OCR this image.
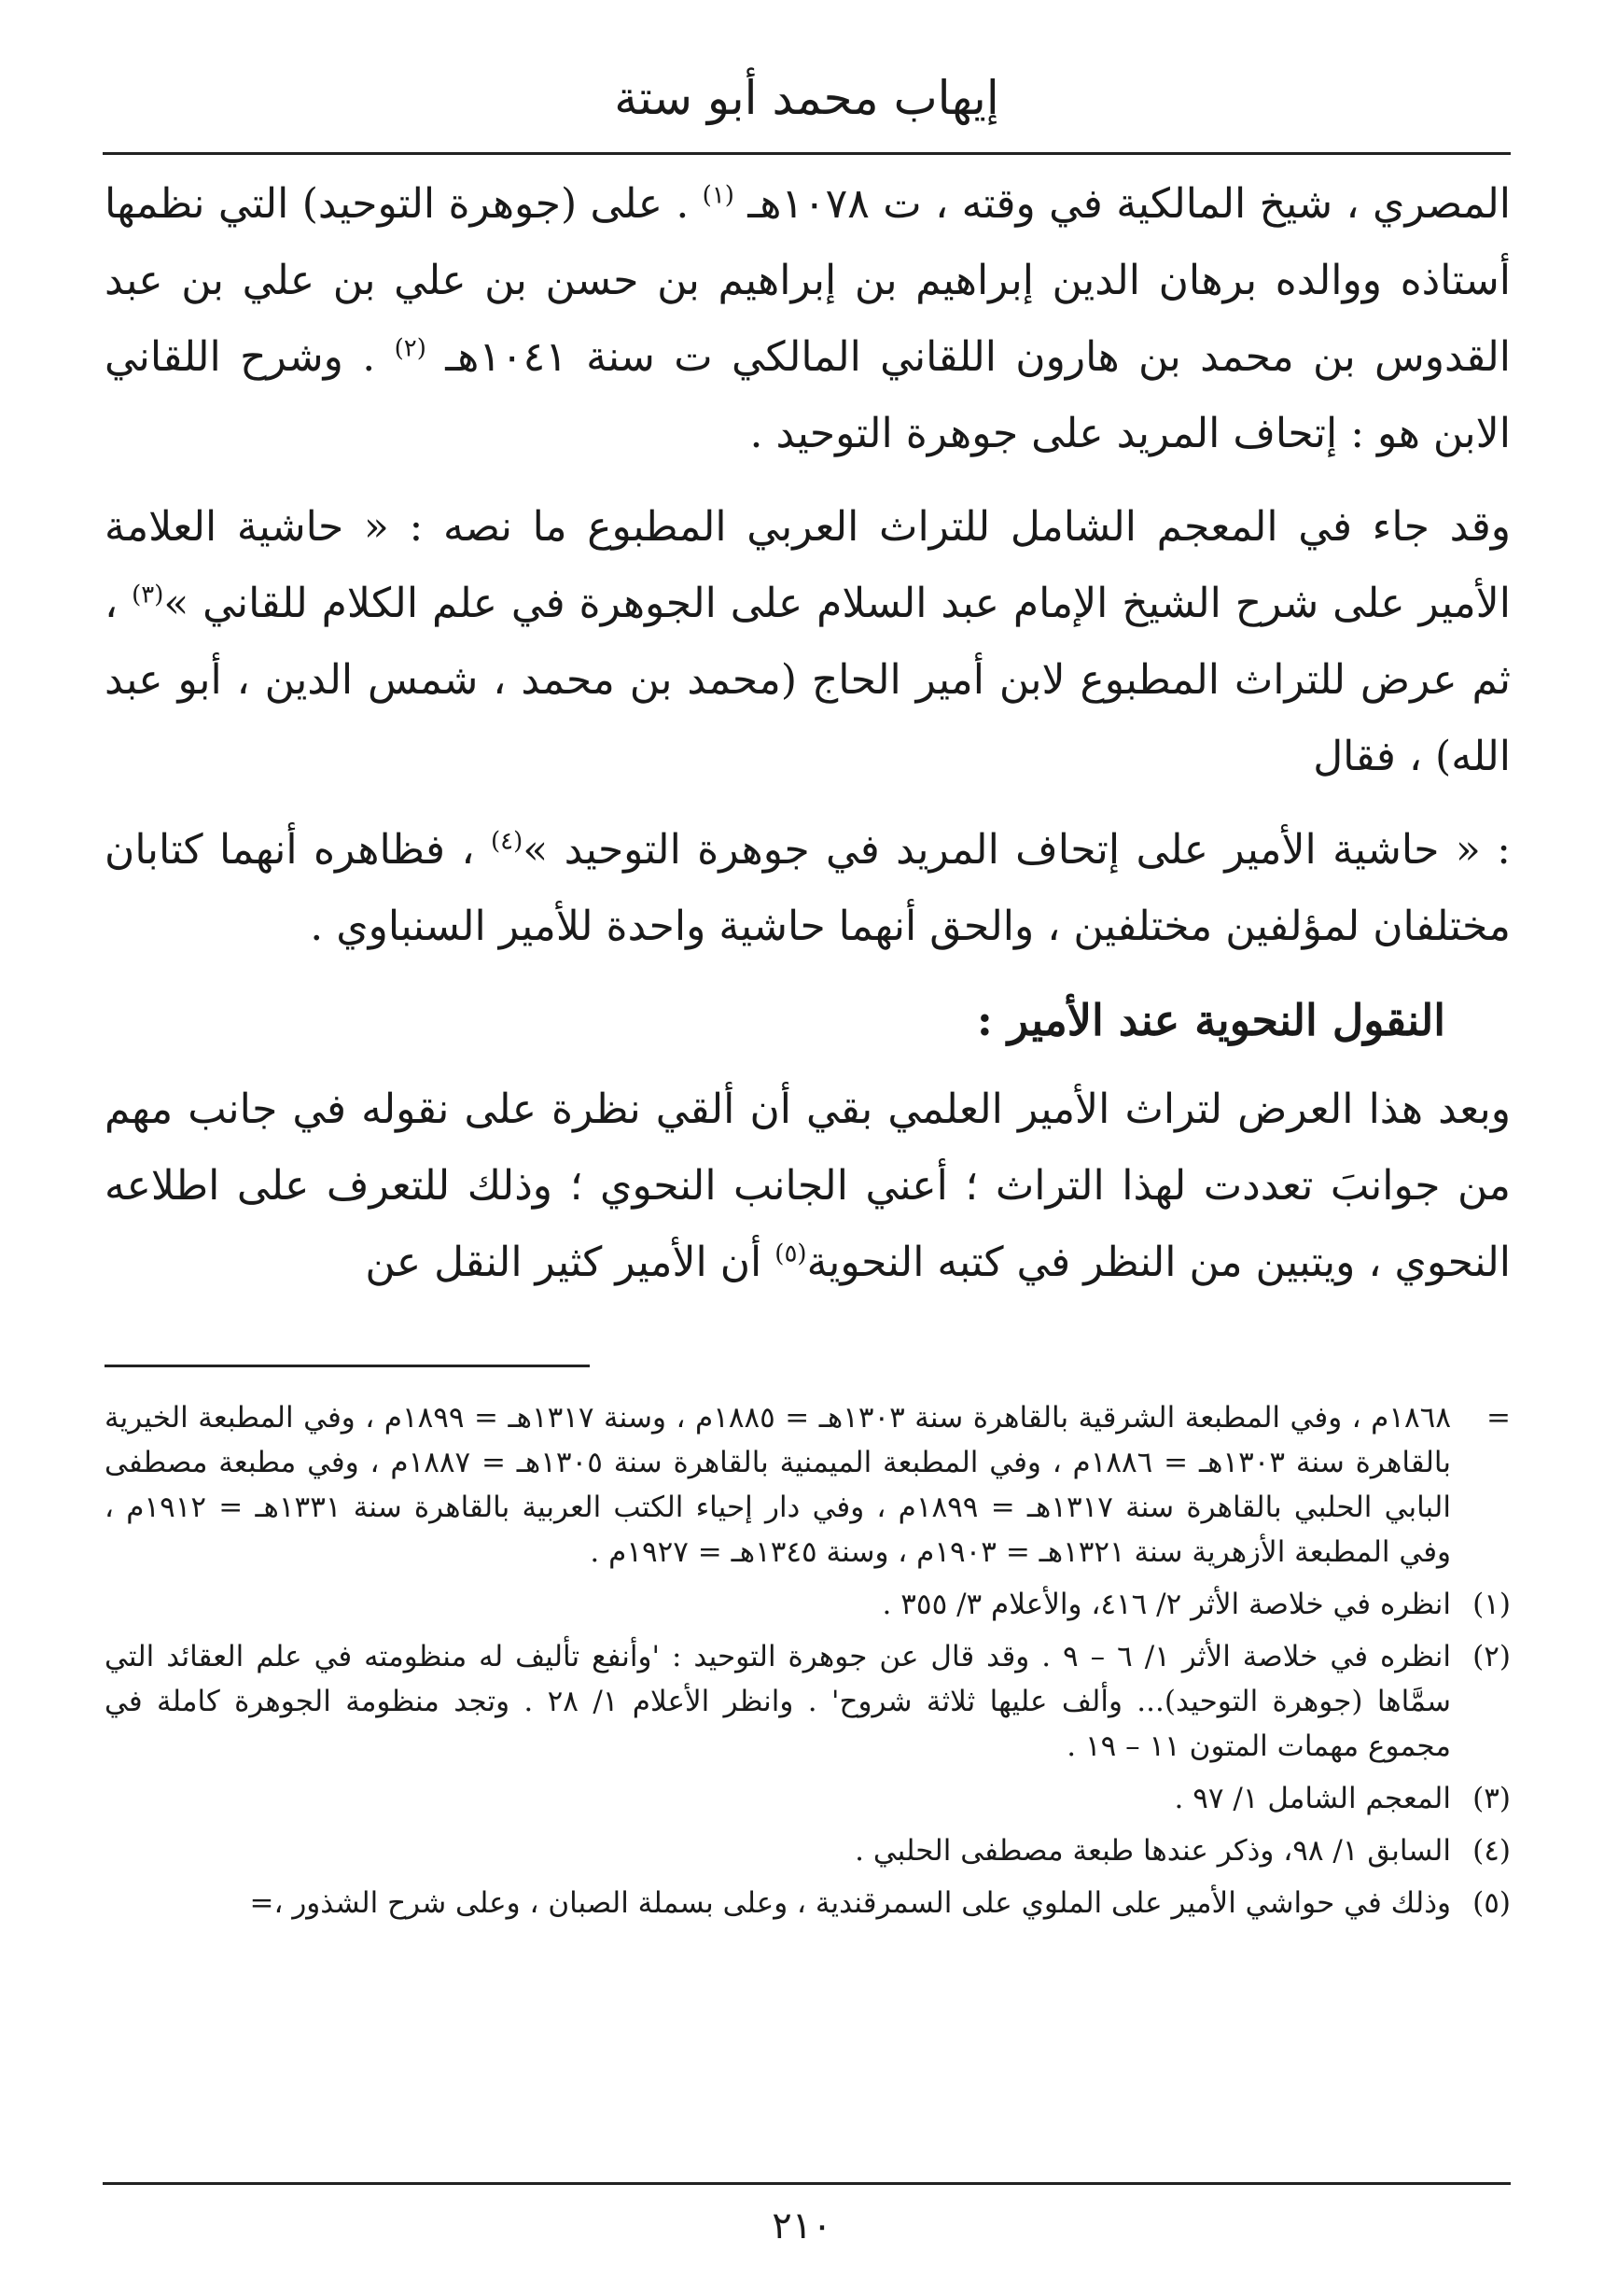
إيهاب محمد أبو ستة

المصري ، شيخ المالكية في وقته ، ت ١٠٧٨هـ $^{(١)}$ . على (جوهرة التوحيد) التي نظمها أستاذه ووالده برهان الدين إبراهيم بن إبراهيم بن حسن بن علي بن علي بن عبد القدوس بن محمد بن هارون اللقاني المالكي ت سنة ١٠٤١هـ $^{(٢)}$ . وشرح اللقاني الابن هو : إتحاف المريد على جوهرة التوحيد .

وقد جاء في المعجم الشامل للتراث العربي المطبوع ما نصه : « حاشية العلامة الأمير على شرح الشيخ الإمام عبد السلام على الجوهرة في علم الكلام للقاني »$^{(٣)}$ ، ثم عرض للتراث المطبوع لابن أمير الحاج (محمد بن محمد ، شمس الدين ، أبو عبد الله) ، فقال

: « حاشية الأمير على إتحاف المريد في جوهرة التوحيد »$^{(٤)}$ ، فظاهره أنهما كتابان مختلفان لمؤلفين مختلفين ، والحق أنهما حاشية واحدة للأمير السنباوي .

النقول النحوية عند الأمير :

وبعد هذا العرض لتراث الأمير العلمي بقي أن ألقي نظرة على نقوله في جانب مهم من جوانبَ تعددت لهذا التراث ؛ أعني الجانب النحوي ؛ وذلك للتعرف على اطلاعه النحوي ، ويتبين من النظر في كتبه النحوية$^{(٥)}$ أن الأمير كثير النقل عن

=
١٨٦٨م ، وفي المطبعة الشرقية بالقاهرة سنة ١٣٠٣هـ = ١٨٨٥م ، وسنة ١٣١٧هـ = ١٨٩٩م ، وفي المطبعة الخيرية بالقاهرة سنة ١٣٠٣هـ = ١٨٨٦م ، وفي المطبعة الميمنية بالقاهرة سنة ١٣٠٥هـ = ١٨٨٧م ، وفي مطبعة مصطفى البابي الحلبي بالقاهرة سنة ١٣١٧هـ = ١٨٩٩م ، وفي دار إحياء الكتب العربية بالقاهرة سنة ١٣٣١هـ = ١٩١٢م ، وفي المطبعة الأزهرية سنة ١٣٢١هـ = ١٩٠٣م ، وسنة ١٣٤٥هـ = ١٩٢٧م .
(١)
انظره في خلاصة الأثر ٢/ ٤١٦، والأعلام ٣/ ٣٥٥ .
(٢)
انظره في خلاصة الأثر ١/ ٦ – ٩ . وقد قال عن جوهرة التوحيد : 'وأنفع تأليف له منظومته في علم العقائد التي سمَّاها (جوهرة التوحيد)... وألف عليها ثلاثة شروح' . وانظر الأعلام ١/ ٢٨ . وتجد منظومة الجوهرة كاملة في مجموع مهمات المتون ١١ – ١٩ .
(٣)
المعجم الشامل ١/ ٩٧ .
(٤)
السابق ١/ ٩٨، وذكر عندها طبعة مصطفى الحلبي .
(٥)
وذلك في حواشي الأمير على الملوي على السمرقندية ، وعلى بسملة الصبان ، وعلى شرح الشذور ،=
٢١٠
